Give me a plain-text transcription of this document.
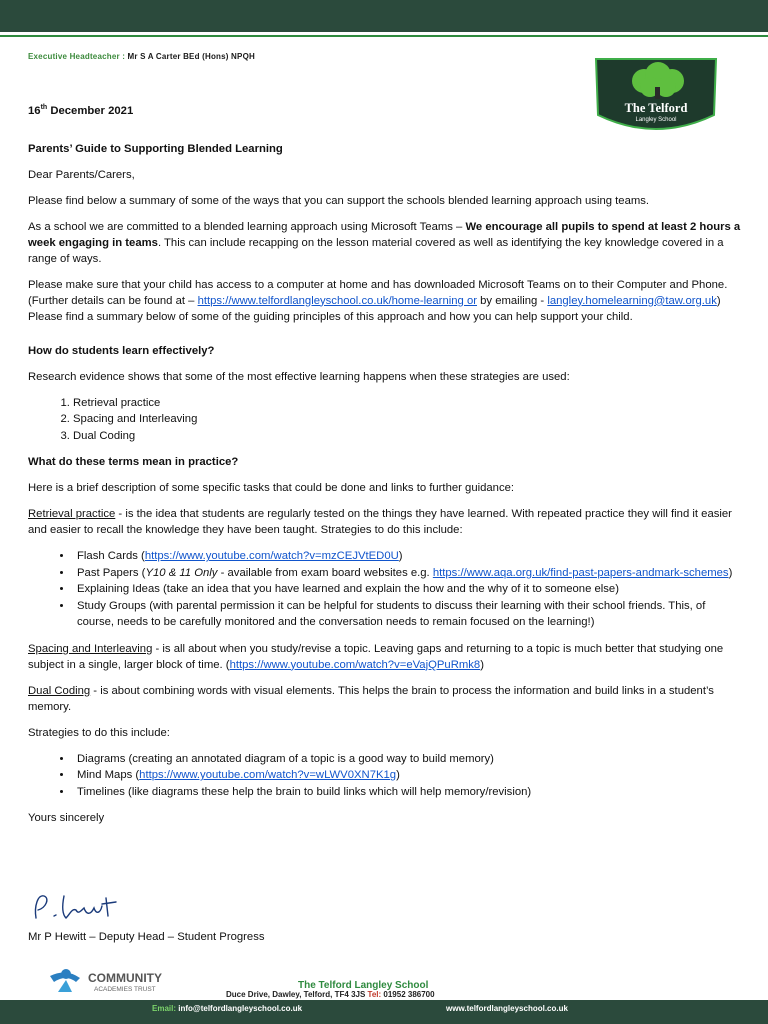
Executive Headteacher : Mr S A Carter BEd (Hons) NPQH
The Telford
Langley School

16th December 2021

Parents’ Guide to Supporting Blended Learning

Dear Parents/Carers,

Please find below a summary of some of the ways that you can support the schools blended learning approach using teams.

As a school we are committed to a blended learning approach using Microsoft Teams – We encourage all pupils to spend at least 2 hours a week engaging in teams. This can include recapping on the lesson material covered as well as identifying the key knowledge covered in a range of ways.

Please make sure that your child has access to a computer at home and has downloaded Microsoft Teams on to their Computer and Phone. (Further details can be found at – https://www.telfordlangleyschool.co.uk/home-learning or by emailing - langley.homelearning@taw.org.uk) Please find a summary below of some of the guiding principles of this approach and how you can help support your child.

How do students learn effectively?

Research evidence shows that some of the most effective learning happens when these strategies are used:

1. Retrieval practice
2. Spacing and Interleaving
3. Dual Coding

What do these terms mean in practice?

Here is a brief description of some specific tasks that could be done and links to further guidance:

Retrieval practice - is the idea that students are regularly tested on the things they have learned. With repeated practice they will find it easier and easier to recall the knowledge they have been taught. Strategies to do this include:

• Flash Cards (https://www.youtube.com/watch?v=mzCEJVtED0U)
• Past Papers (Y10 & 11 Only - available from exam board websites e.g. https://www.aqa.org.uk/find-past-papers-andmark-schemes)
• Explaining Ideas (take an idea that you have learned and explain the how and the why of it to someone else)
• Study Groups (with parental permission it can be helpful for students to discuss their learning with their school friends. This, of course, needs to be carefully monitored and the conversation needs to remain focused on the learning!)

Spacing and Interleaving - is all about when you study/revise a topic. Leaving gaps and returning to a topic is much better that studying one subject in a single, larger block of time. (https://www.youtube.com/watch?v=eVajQPuRmk8)

Dual Coding - is about combining words with visual elements. This helps the brain to process the information and build links in a student’s memory.

Strategies to do this include:

• Diagrams (creating an annotated diagram of a topic is a good way to build memory)
• Mind Maps (https://www.youtube.com/watch?v=wLWV0XN7K1g)
• Timelines (like diagrams these help the brain to build links which will help memory/revision)

Yours sincerely

Mr P Hewitt – Deputy Head – Student Progress
COMMUNITY
ACADEMIES TRUST	The Telford Langley School
Duce Drive, Dawley, Telford, TF4 3JS Tel: 01952 386700
Email: info@telfordlangleyschool.co.uk	www.telfordlangleyschool.co.uk
